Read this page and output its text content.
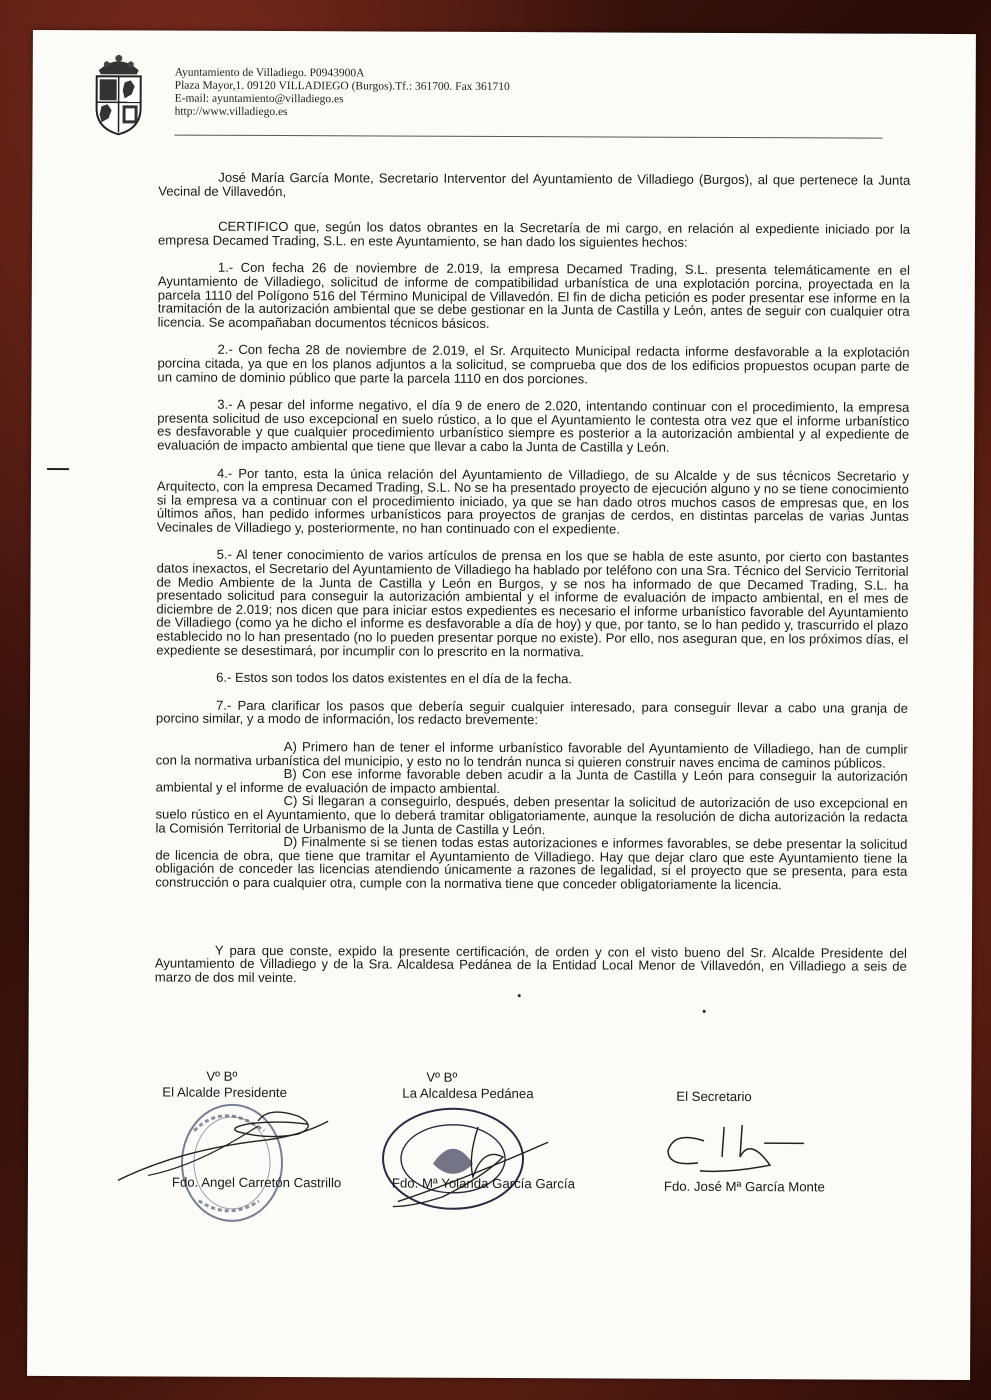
Ayuntamiento de Villadiego. P0943900A
Plaza Mayor,1. 09120 VILLADIEGO (Burgos).Tf.: 361700. Fax 361710
E-mail: ayuntamiento@villadiego.es
http://www.villadiego.es

José María García Monte, Secretario Interventor del Ayuntamiento de Villadiego (Burgos), al que pertenece la Junta Vecinal de Villavedón,

CERTIFICO que, según los datos obrantes en la Secretaría de mi cargo, en relación al expediente iniciado por la empresa Decamed Trading, S.L. en este Ayuntamiento, se han dado los siguientes hechos:

1.- Con fecha 26 de noviembre de 2.019, la empresa Decamed Trading, S.L. presenta telemáticamente en el Ayuntamiento de Villadiego, solicitud de informe de compatibilidad urbanística de una explotación porcina, proyectada en la parcela 1110 del Polígono 516 del Término Municipal de Villavedón. El fin de dicha petición es poder presentar ese informe en la tramitación de la autorización ambiental que se debe gestionar en la Junta de Castilla y León, antes de seguir con cualquier otra licencia. Se acompañaban documentos técnicos básicos.

2.- Con fecha 28 de noviembre de 2.019, el Sr. Arquitecto Municipal redacta informe desfavorable a la explotación porcina citada, ya que en los planos adjuntos a la solicitud, se comprueba que dos de los edificios propuestos ocupan parte de un camino de dominio público que parte la parcela 1110 en dos porciones.

3.- A pesar del informe negativo, el día 9 de enero de 2.020, intentando continuar con el procedimiento, la empresa presenta solicitud de uso excepcional en suelo rústico, a lo que el Ayuntamiento le contesta otra vez que el informe urbanístico es desfavorable y que cualquier procedimiento urbanístico siempre es posterior a la autorización ambiental y al expediente de evaluación de impacto ambiental que tiene que llevar a cabo la Junta de Castilla y León.

4.- Por tanto, esta la única relación del Ayuntamiento de Villadiego, de su Alcalde y de sus técnicos Secretario y Arquitecto, con la empresa Decamed Trading, S.L. No se ha presentado proyecto de ejecución alguno y no se tiene conocimiento si la empresa va a continuar con el procedimiento iniciado, ya que se han dado otros muchos casos de empresas que, en los últimos años, han pedido informes urbanísticos para proyectos de granjas de cerdos, en distintas parcelas de varias Juntas Vecinales de Villadiego y, posteriormente, no han continuado con el expediente.

5.- Al tener conocimiento de varios artículos de prensa en los que se habla de este asunto, por cierto con bastantes datos inexactos, el Secretario del Ayuntamiento de Villadiego ha hablado por teléfono con una Sra. Técnico del Servicio Territorial de Medio Ambiente de la Junta de Castilla y León en Burgos, y se nos ha informado de que Decamed Trading, S.L. ha presentado solicitud para conseguir la autorización ambiental y el informe de evaluación de impacto ambiental, en el mes de diciembre de 2.019; nos dicen que para iniciar estos expedientes es necesario el informe urbanístico favorable del Ayuntamiento de Villadiego (como ya he dicho el informe es desfavorable a día de hoy) y que, por tanto, se lo han pedido y, trascurrido el plazo establecido no lo han presentado (no lo pueden presentar porque no existe). Por ello, nos aseguran que, en los próximos días, el expediente se desestimará, por incumplir con lo prescrito en la normativa.

6.- Estos son todos los datos existentes en el día de la fecha.

7.- Para clarificar los pasos que debería seguir cualquier interesado, para conseguir llevar a cabo una granja de porcino similar, y a modo de información, los redacto brevemente:

A) Primero han de tener el informe urbanístico favorable del Ayuntamiento de Villadiego, han de cumplir con la normativa urbanística del municipio, y esto no lo tendrán nunca si quieren construir naves encima de caminos públicos.

B) Con ese informe favorable deben acudir a la Junta de Castilla y León para conseguir la autorización ambiental y el informe de evaluación de impacto ambiental.

C) Si llegaran a conseguirlo, después, deben presentar la solicitud de autorización de uso excepcional en suelo rústico en el Ayuntamiento, que lo deberá tramitar obligatoriamente, aunque la resolución de dicha autorización la redacta la Comisión Territorial de Urbanismo de la Junta de Castilla y León.

D) Finalmente si se tienen todas estas autorizaciones e informes favorables, se debe presentar la solicitud de licencia de obra, que tiene que tramitar el Ayuntamiento de Villadiego. Hay que dejar claro que este Ayuntamiento tiene la obligación de conceder las licencias atendiendo únicamente a razones de legalidad, si el proyecto que se presenta, para esta construcción o para cualquier otra, cumple con la normativa tiene que conceder obligatoriamente la licencia.

Y para que conste, expido la presente certificación, de orden y con el visto bueno del Sr. Alcalde Presidente del Ayuntamiento de Villadiego y de la Sra. Alcaldesa Pedánea de la Entidad Local Menor de Villavedón, en Villadiego a seis de marzo de dos mil veinte.

Vº Bº
El Alcalde Presidente
Fdo. Angel Carretón Castrillo
Vº Bº
La Alcaldesa Pedánea
Fdo. Mª Yolanda García García
El Secretario
Fdo. José Mª García Monte
